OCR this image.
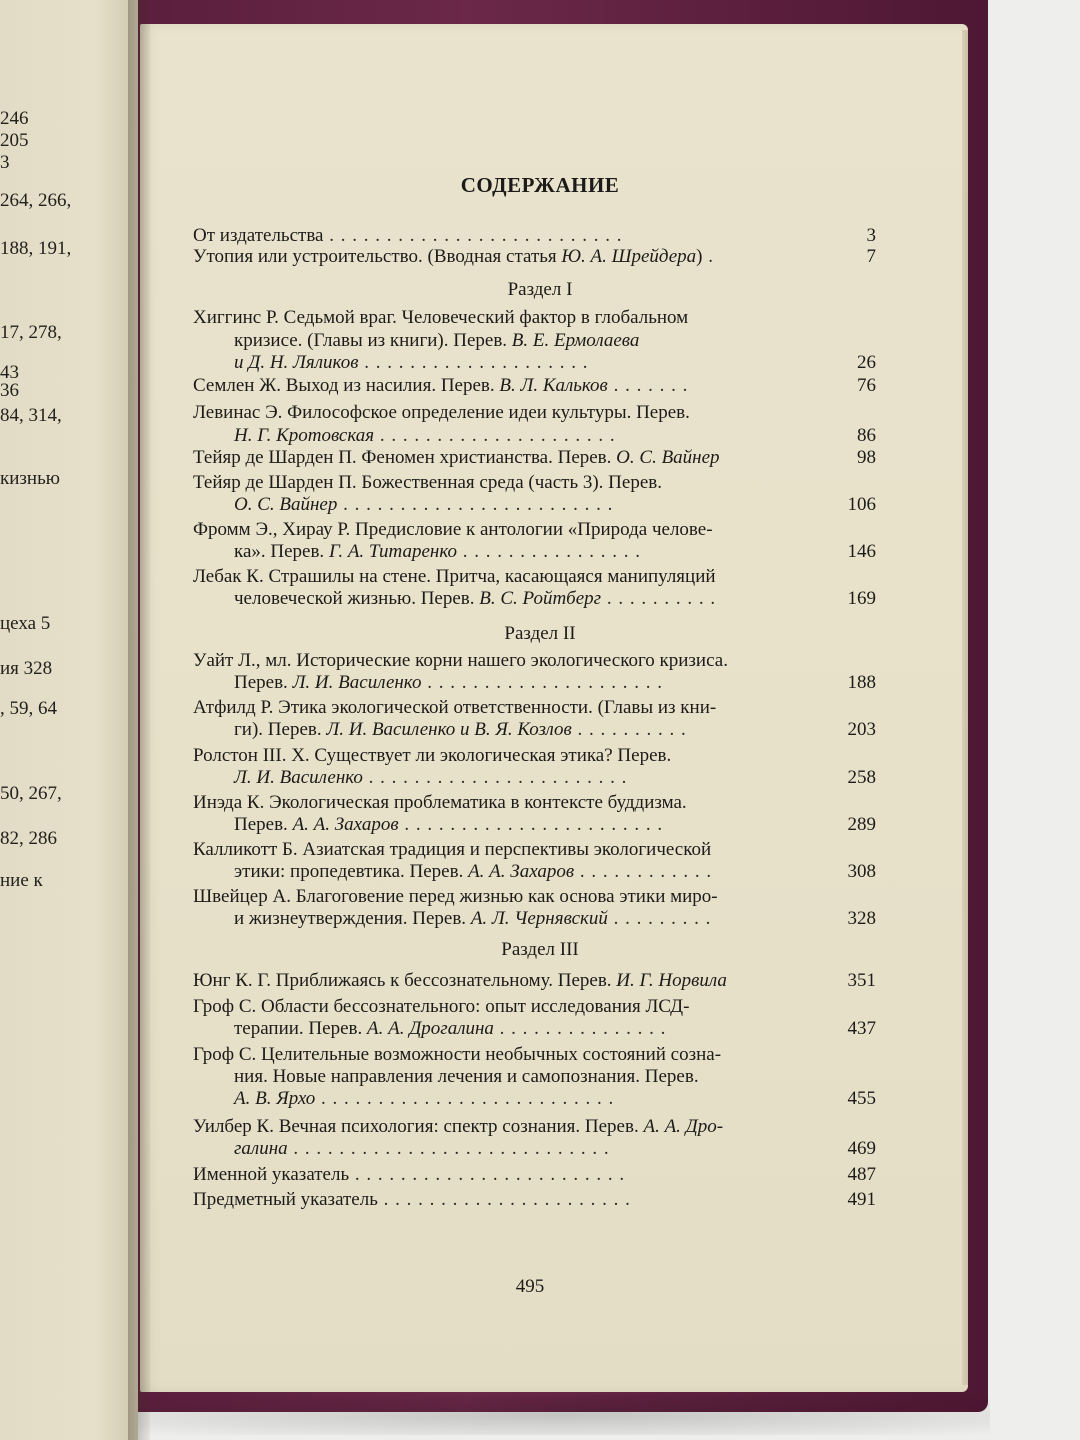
246
205
3
264, 266,
188, 191,
17, 278,
43
36
84, 314,
кизнью
цеха 5
ия 328
, 59, 64
50, 267,
82, 286
ние к
СОДЕРЖАНИЕ
От издательства . . . . . . . . . . . . . . . . . . . . . . . . . .	3
Утопия или устроительство. (Вводная статья Ю. А. Шрейдера) .	7
Раздел I
Хиггинс Р. Седьмой враг. Человеческий фактор в глобальном
кризисе. (Главы из книги). Перев. В. Е. Ермолаева
и Д. Н. Ляликов . . . . . . . . . . . . . . . . . . . .	26
Семлен Ж. Выход из насилия. Перев. В. Л. Кальков . . . . . . .	76
Левинас Э. Философское определение идеи культуры. Перев.
Н. Г. Кротовская . . . . . . . . . . . . . . . . . . . . .	86
Тейяр де Шарден П. Феномен христианства. Перев. О. С. Вайнер	98
Тейяр де Шарден П. Божественная среда (часть 3). Перев.
О. С. Вайнер . . . . . . . . . . . . . . . . . . . . . . . .	106
Фромм Э., Хирау Р. Предисловие к антологии «Природа челове-
ка». Перев. Г. А. Титаренко . . . . . . . . . . . . . . . .	146
Лебак К. Страшилы на стене. Притча, касающаяся манипуляций
человеческой жизнью. Перев. В. С. Ройтберг . . . . . . . . . .	169
Раздел II
Уайт Л., мл. Исторические корни нашего экологического кризиса.
Перев. Л. И. Василенко . . . . . . . . . . . . . . . . . . . . .	188
Атфилд Р. Этика экологической ответственности. (Главы из кни-
ги). Перев. Л. И. Василенко и В. Я. Козлов . . . . . . . . . .	203
Ролстон III. Х. Существует ли экологическая этика? Перев.
Л. И. Василенко . . . . . . . . . . . . . . . . . . . . . . .	258
Инэда К. Экологическая проблематика в контексте буддизма.
Перев. А. А. Захаров . . . . . . . . . . . . . . . . . . . . . . .	289
Калликотт Б. Азиатская традиция и перспективы экологической
этики: пропедевтика. Перев. А. А. Захаров . . . . . . . . . . . .	308
Швейцер А. Благоговение перед жизнью как основа этики миро-
и жизнеутверждения. Перев. А. Л. Чернявский . . . . . . . . .	328
Раздел III
Юнг К. Г. Приближаясь к бессознательному. Перев. И. Г. Норвила	351
Гроф С. Области бессознательного: опыт исследования ЛСД-
терапии. Перев. А. А. Дрогалина . . . . . . . . . . . . . . .	437
Гроф С. Целительные возможности необычных состояний созна-
ния. Новые направления лечения и самопознания. Перев.
А. В. Ярхо . . . . . . . . . . . . . . . . . . . . . . . . . .	455
Уилбер К. Вечная психология: спектр сознания. Перев. А. А. Дро-
галина . . . . . . . . . . . . . . . . . . . . . . . . . . . .	469
Именной указатель . . . . . . . . . . . . . . . . . . . . . . . .	487
Предметный указатель . . . . . . . . . . . . . . . . . . . . . .	491
495
